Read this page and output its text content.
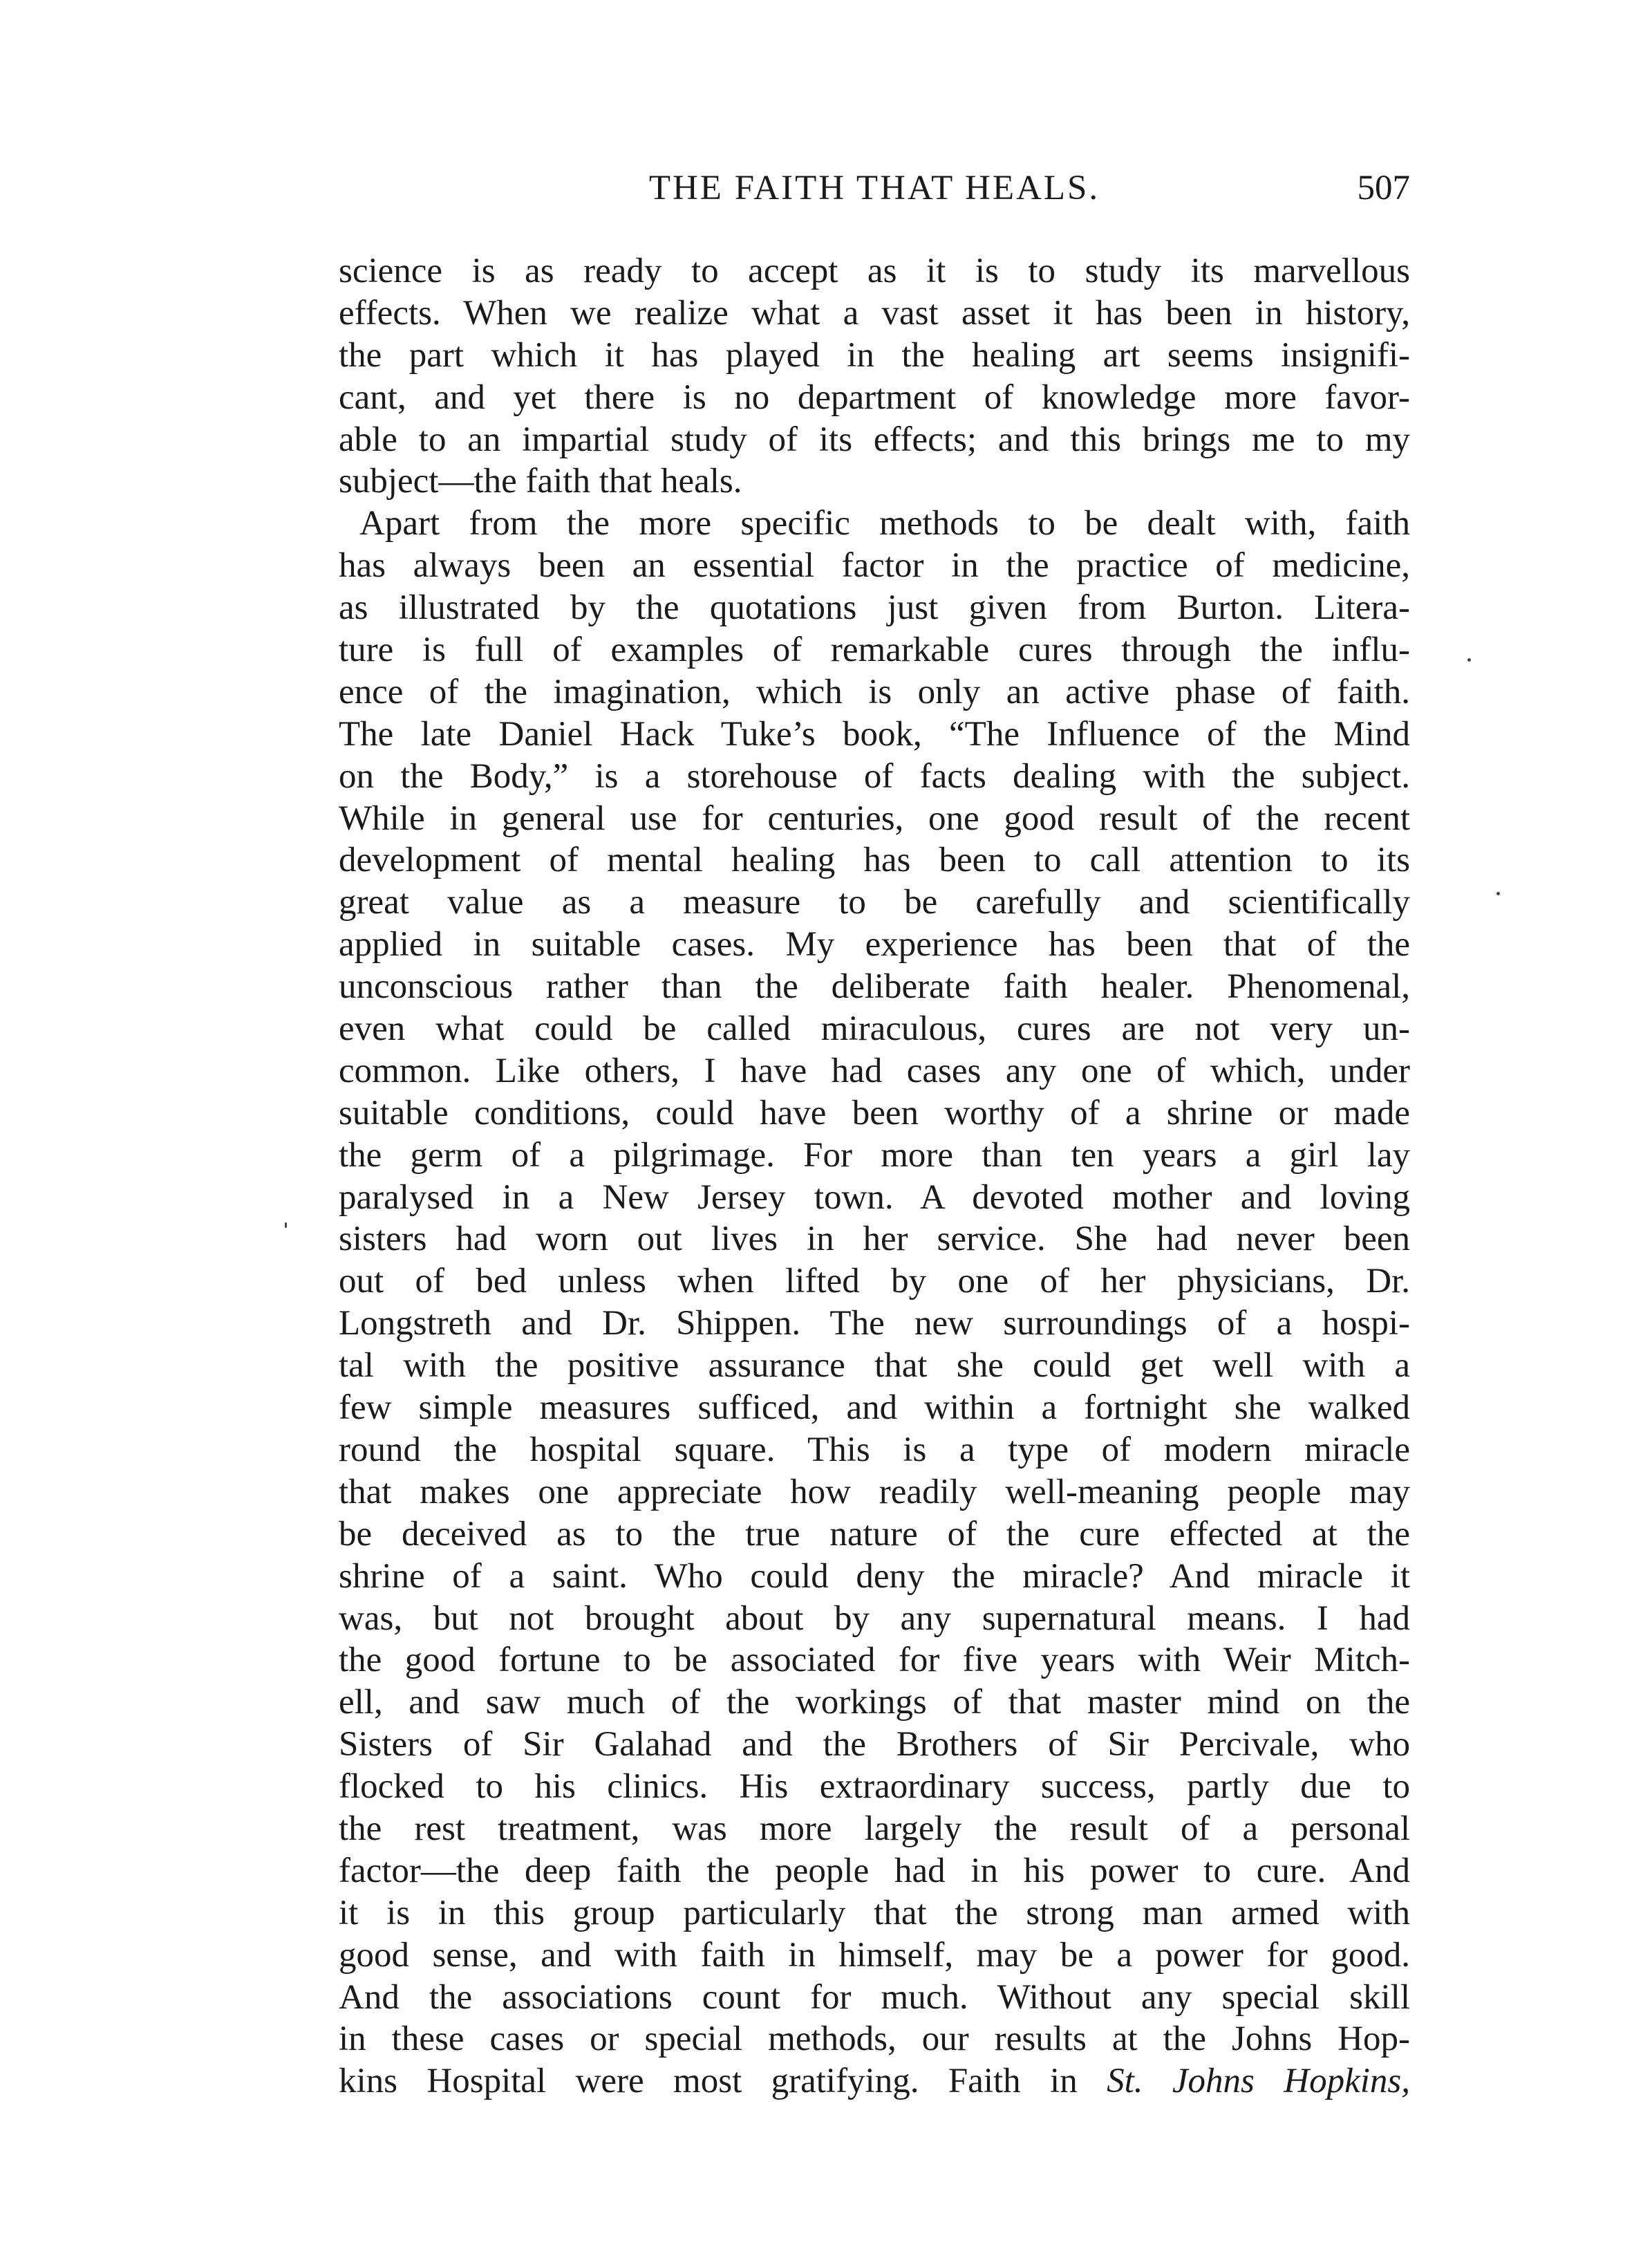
THE FAITH THAT HEALS.	507
science is as ready to accept as it is to study its marvellous
effects. When we realize what a vast asset it has been in history,
the part which it has played in the healing art seems insignifi-
cant, and yet there is no department of knowledge more favor-
able to an impartial study of its effects; and this brings me to my
subject—the faith that heals.
Apart from the more specific methods to be dealt with, faith
has always been an essential factor in the practice of medicine,
as illustrated by the quotations just given from Burton. Litera-
ture is full of examples of remarkable cures through the influ-
ence of the imagination, which is only an active phase of faith.
The late Daniel Hack Tuke’s book, “The Influence of the Mind
on the Body,” is a storehouse of facts dealing with the subject.
While in general use for centuries, one good result of the recent
development of mental healing has been to call attention to its
great value as a measure to be carefully and scientifically
applied in suitable cases. My experience has been that of the
unconscious rather than the deliberate faith healer. Phenomenal,
even what could be called miraculous, cures are not very un-
common. Like others, I have had cases any one of which, under
suitable conditions, could have been worthy of a shrine or made
the germ of a pilgrimage. For more than ten years a girl lay
paralysed in a New Jersey town. A devoted mother and loving
sisters had worn out lives in her service. She had never been
out of bed unless when lifted by one of her physicians, Dr.
Longstreth and Dr. Shippen. The new surroundings of a hospi-
tal with the positive assurance that she could get well with a
few simple measures sufficed, and within a fortnight she walked
round the hospital square. This is a type of modern miracle
that makes one appreciate how readily well-meaning people may
be deceived as to the true nature of the cure effected at the
shrine of a saint. Who could deny the miracle? And miracle it
was, but not brought about by any supernatural means. I had
the good fortune to be associated for five years with Weir Mitch-
ell, and saw much of the workings of that master mind on the
Sisters of Sir Galahad and the Brothers of Sir Percivale, who
flocked to his clinics. His extraordinary success, partly due to
the rest treatment, was more largely the result of a personal
factor—the deep faith the people had in his power to cure. And
it is in this group particularly that the strong man armed with
good sense, and with faith in himself, may be a power for good.
And the associations count for much. Without any special skill
in these cases or special methods, our results at the Johns Hop-
kins Hospital were most gratifying. Faith in St. Johns Hopkins,
